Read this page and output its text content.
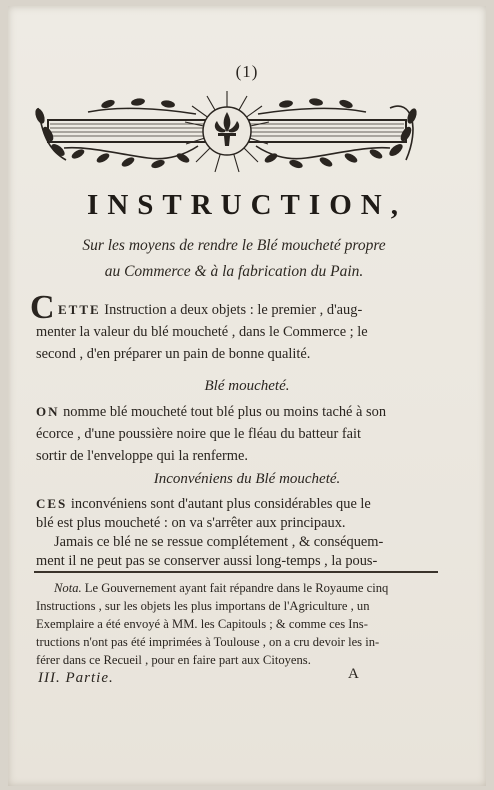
(1)
INSTRUCTION,
Sur les moyens de rendre le Blé moucheté propre
au Commerce & à la fabrication du Pain.
C ETTE Instruction a deux objets : le premier , d'aug-
menter la valeur du blé moucheté , dans le Commerce ; le
second , d'en préparer un pain de bonne qualité.
Blé moucheté.
ON nomme blé moucheté tout blé plus ou moins taché à son
écorce , d'une poussière noire que le fléau du batteur fait
sortir de l'enveloppe qui la renferme.
Inconvéniens du Blé moucheté.
CES inconvéniens sont d'autant plus considérables que le
blé est plus moucheté : on va s'arrêter aux principaux.
Jamais ce blé ne se ressue complétement , & conséquem-
ment il ne peut pas se conserver aussi long-temps , la pous-
Nota. Le Gouvernement ayant fait répandre dans le Royaume cinq
Instructions , sur les objets les plus importans de l'Agriculture , un
Exemplaire a été envoyé à MM. les Capitouls ; & comme ces Ins-
tructions n'ont pas été imprimées à Toulouse , on a cru devoir les in-
férer dans ce Recueil , pour en faire part aux Citoyens.
III. Partie.	A
